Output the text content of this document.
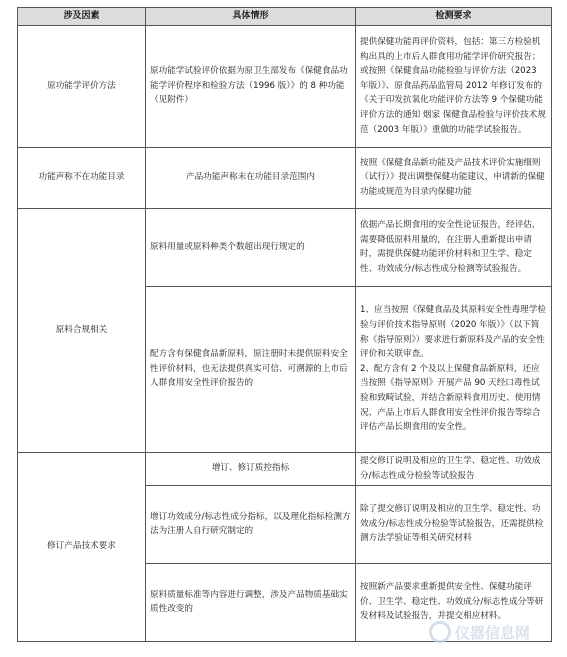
涉及因素	具体情形	检测要求
原功能学评价方法	原功能学试验评价依据为原卫生部发布《保健食品功能学评价程序和检验方法（1996 版）》的 8 种功能（见附件）	提供保健功能再评价资料，包括：第三方检验机构出具的上市后人群食用功能学评价研究报告；或按照《保健食品功能检验与评价方法（2023 年版）》、原食品药品监管局 2012 年修订发布的《关于印发抗氧化功能评价方法等 9 个保健功能评价方法的通知 烟家 保健食品检验与评价技术规范（2003 年版）》重做的功能学试验报告。
功能声称不在功能目录	产品功能声称未在功能目录范围内	按照《保健食品新功能及产品技术评价实施细则（试行）》提出调整保健功能建议，申请新的保健功能或规范为目录内保健功能
原料合规相关	原料用量或原料种类个数超出现行规定的	依据产品长期食用的安全性论证报告，经评估，需要降低原料用量的，在注册人重新提出申请时，需提供保健功能评价材料和卫生学、稳定性、功效成分/标志性成分检测等试验报告。
	配方含有保健食品新原料，原注册时未提供原料安全性评价材料，也无法提供真实可信、可溯源的上市后人群食用安全性评价报告的	1、应当按照《保健食品及其原料安全性毒理学检验与评价技术指导原则（2020 年版）》（以下简称《指导原则》）要求进行新原料及产品的安全性评价和关联审查。
2、配方含有 2 个及以上保健食品新原料，还应当按照《指导原则》开展产品 90 天经口毒性试验和致畸试验，并结合新原料食用历史、使用情况、产品上市后人群食用安全性评价报告等综合评估产品长期食用的安全性。

修订产品技术要求	增订、修订质控指标	提交修订说明及相应的卫生学、稳定性、功效成分/标志性成分检验等试验报告
	增订功效成分/标志性成分指标，以及理化指标检测方法为注册人自行研究制定的	除了提交修订说明及相应的卫生学、稳定性、功效成分/标志性成分检验等试验报告，还需提供检测方法学验证等相关研究材料
	原料质量标准等内容进行调整，涉及产品物质基础实质性改变的	按照新产品要求重新提供安全性、保健功能评价、卫生学、稳定性、功效成分/标志性成分等研发材料及试验报告，并提交相应材料。
仪器信息网
